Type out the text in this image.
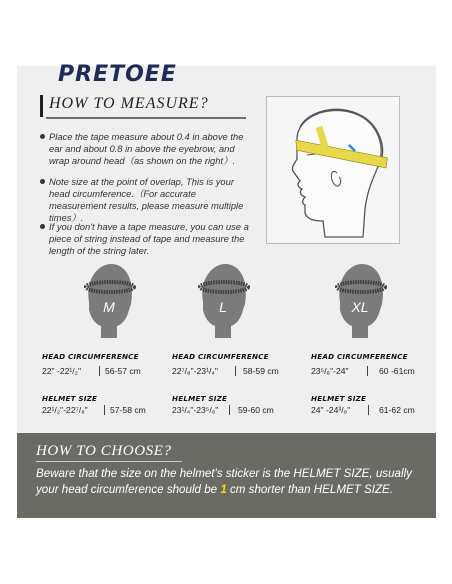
PRETOEE
HOW TO MEASURE?
Place the tape measure about 0.4 in above the ear and about 0.8 in above the eyebrow, and wrap around head（as shown on the right）.
Note size at the point of overlap, This is your head circumference.（For accurate measurement results, please measure multiple times）.
If you don't have a tape measure, you can use a piece of string instead of tape and measure the length of the string later.
M	L	XL
HEAD CIRCUMFERENCE	HEAD CIRCUMFERENCE	HEAD CIRCUMFERENCE
22" -22¹/₂"	56-57 cm	22⁷/₈"-23¹/₄"	58-59 cm	23⁵/₈"-24"	60 -61cm
HELMET SIZE	HELMET SIZE	HELMET SIZE
22¹/₂"-22⁷/₈"	57-58 cm	23¹/₄"-23⁵/₈" 59-60 cm	24" -24³/₈"	61-62 cm
HOW TO CHOOSE?
Beware that the size on the helmet's sticker is the HELMET SIZE, usually your head circumference should be 1 cm shorter than HELMET SIZE.
